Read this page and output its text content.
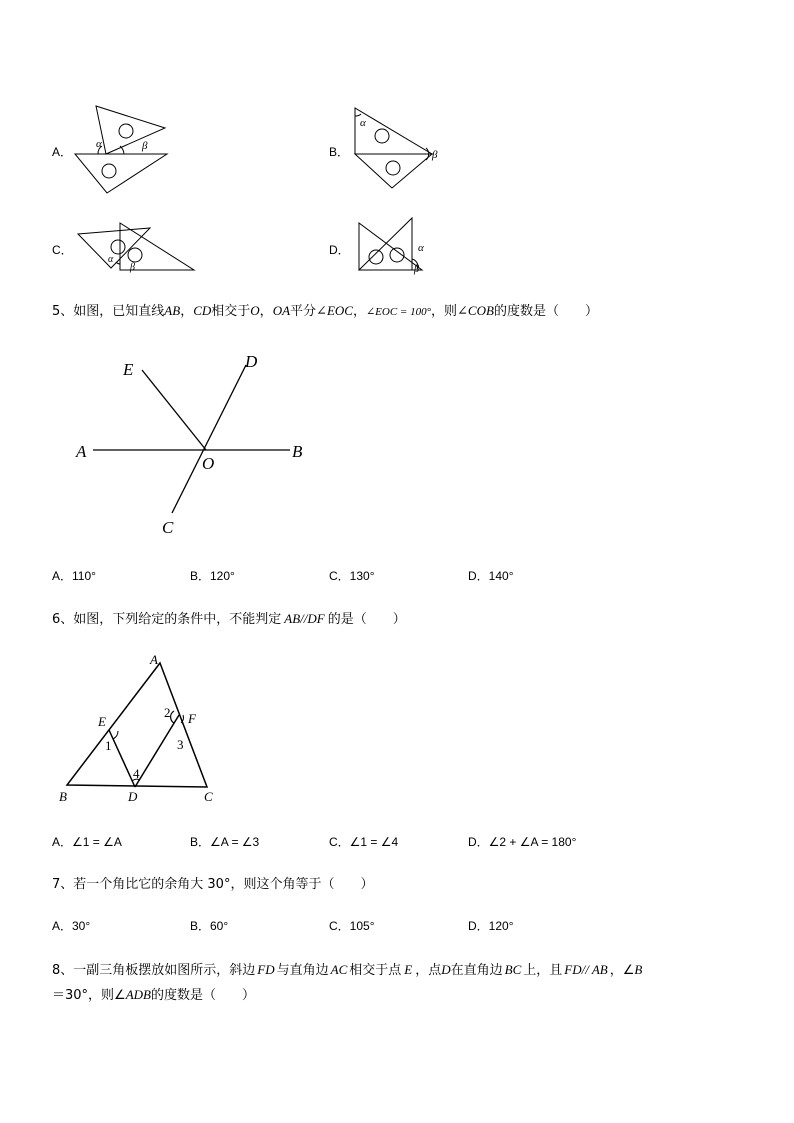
A．
α	β	B．
α
β
C．
α
β
D．	α
β
5、如图，已知直线AB，CD相交于O，OA平分∠EOC，∠EOC = 100°，则∠COB的度数是（　　）
E	D
A
O
B
C
A．110°	B．120°	C．130°	D．140°
6、如图，下列给定的条件中，不能判定 AB//DF 的是（　　）
A
E	F
B	D	C
1
2
3
4
A．∠1 = ∠A	B．∠A = ∠3	C．∠1 = ∠4	D．∠2 + ∠A = 180°
7、若一个角比它的余角大 30°，则这个角等于（　　）
A．30°	B．60°	C．105°	D．120°
8、一副三角板摆放如图所示，斜边 FD 与直角边 AC 相交于点 E ，点D在直角边 BC 上，且 FD// AB ，∠B
＝30°，则∠ADB的度数是（　　）
